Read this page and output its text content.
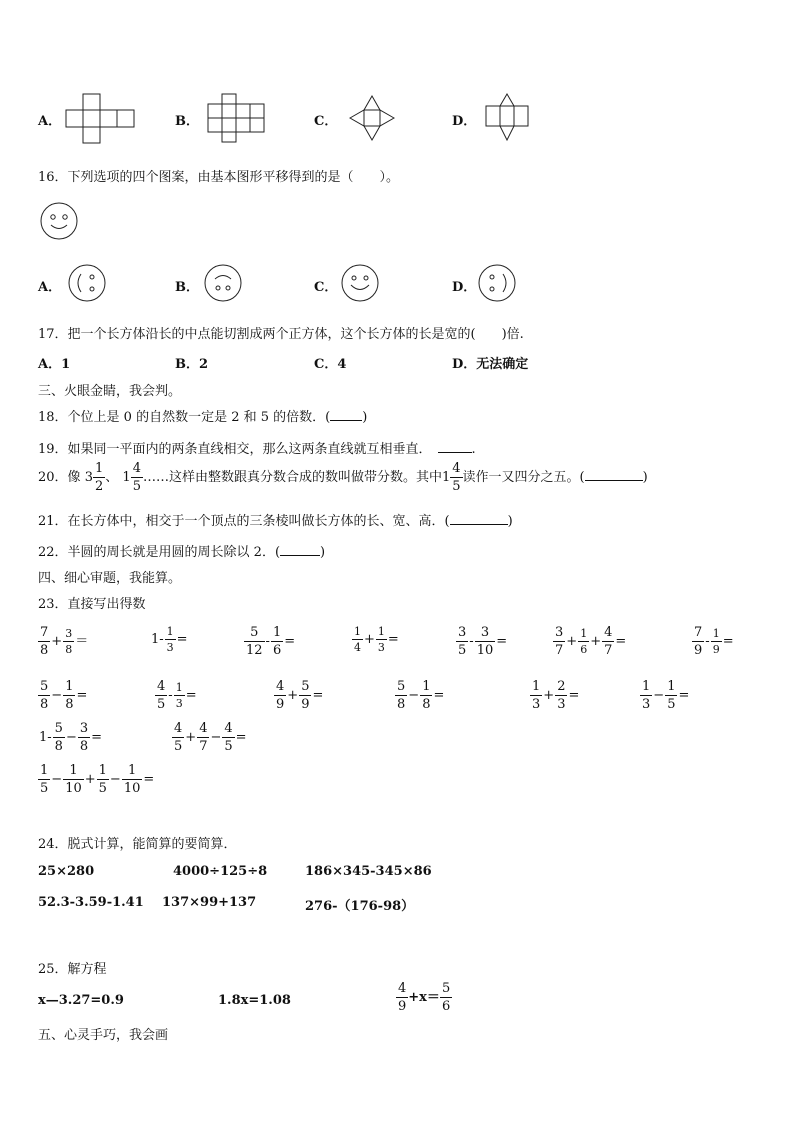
A．	B．	C．	D．
16．下列选项的四个图案，由基本图形平移得到的是（　　）。
A．	B．	C．	D．
17．把一个长方体沿长的中点能切割成两个正方体，这个长方体的长是宽的(　　)倍.
A．1	B．2	C．4	D．无法确定
三、火眼金睛，我会判。
18．个位上是 0 的自然数一定是 2 和 5 的倍数．( )
19．如果同一平面内的两条直线相交，那么这两条直线就互相垂直．	.
20．像 $3 \frac{1}{2}$ 、 $1 \frac{4}{5}$ ……这样由整数跟真分数合成的数叫做带分数。其中$1 \frac{4}{5}$ 读作一又四分之五。(	)
21．在长方体中，相交于一个顶点的三条棱叫做长方体的长、宽、高．(	)
22．半圆的周长就是用圆的周长除以 2．(	)
四、细心审题，我能算。
23．直接写出得数
$\frac{7}{8} + \frac{3}{8}$ ＝	$1- \frac{1}{3}$ =	$\frac{5}{12} - \frac{1}{6}$ =	$\frac{1}{4} + \frac{1}{3}$ =	$\frac{3}{5} - \frac{3}{10}$ =	$\frac{3}{7} + \frac{1}{6} + \frac{4}{7}$ =	$\frac{7}{9} - \frac{1}{9}$ =
$\frac{5}{8} - \frac{1}{8}$ =	$\frac{4}{5} - \frac{1}{3}$ =	$\frac{4}{9} + \frac{5}{9}$ =	$\frac{5}{8} - \frac{1}{8}$ =	$\frac{1}{3} + \frac{2}{3}$ =	$\frac{1}{3} - \frac{1}{5}$ =
$1- \frac{5}{8} - \frac{3}{8}$ =	$\frac{4}{5} + \frac{4}{7} - \frac{4}{5}$ =
$\frac{1}{5} - \frac{1}{10} + \frac{1}{5} - \frac{1}{10}$ =
24．脱式计算，能简算的要简算．
25×280	4000÷125÷8	186×345-345×86
52.3-3.59-1.41 137×99+137	276-（176-98）
25．解方程
x—3.27=0.9	1.8x=1.08	$\frac{4}{9} +x= \frac{5}{6}$
五、心灵手巧，我会画
